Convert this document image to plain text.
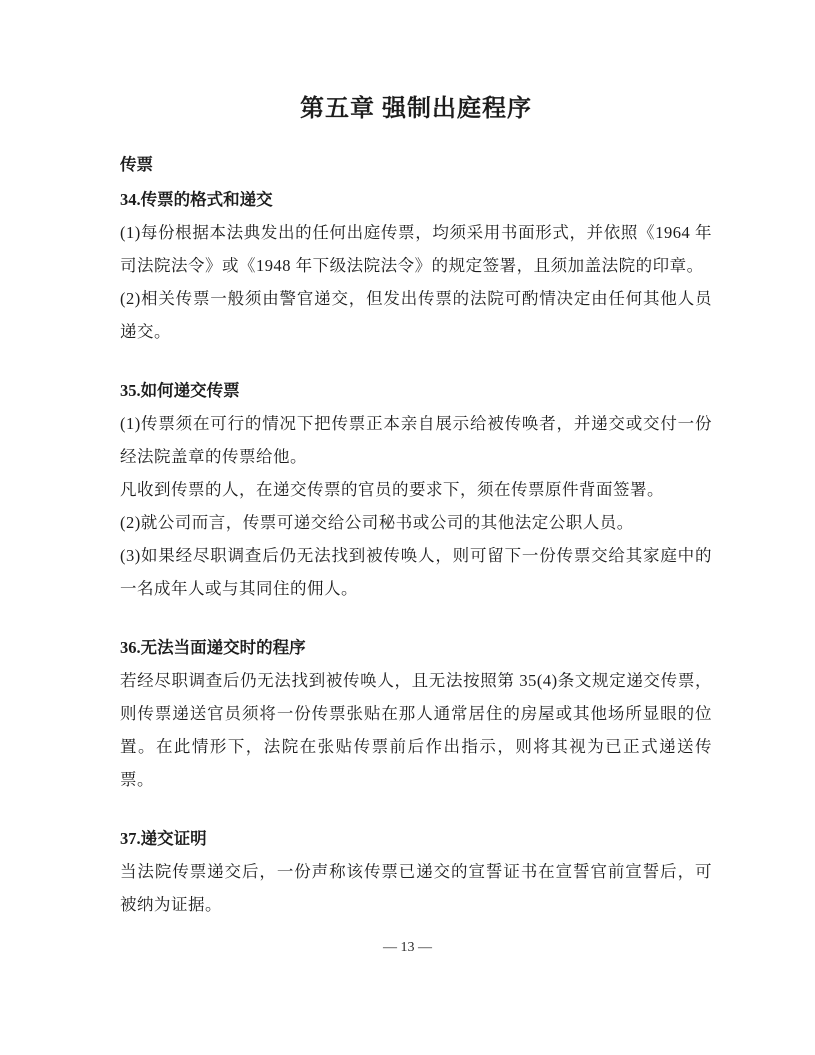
第五章 强制出庭程序
传票
34.传票的格式和递交
(1)每份根据本法典发出的任何出庭传票，均须采用书面形式，并依照《1964 年司法院法令》或《1948 年下级法院法令》的规定签署，且须加盖法院的印章。
(2)相关传票一般须由警官递交，但发出传票的法院可酌情决定由任何其他人员递交。
35.如何递交传票
(1)传票须在可行的情况下把传票正本亲自展示给被传唤者，并递交或交付一份经法院盖章的传票给他。
凡收到传票的人，在递交传票的官员的要求下，须在传票原件背面签署。
(2)就公司而言，传票可递交给公司秘书或公司的其他法定公职人员。
(3)如果经尽职调查后仍无法找到被传唤人，则可留下一份传票交给其家庭中的一名成年人或与其同住的佣人。
36.无法当面递交时的程序
若经尽职调查后仍无法找到被传唤人，且无法按照第 35(4)条文规定递交传票，则传票递送官员须将一份传票张贴在那人通常居住的房屋或其他场所显眼的位置。在此情形下，法院在张贴传票前后作出指示，则将其视为已正式递送传票。
37.递交证明
当法院传票递交后，一份声称该传票已递交的宣誓证书在宣誓官前宣誓后，可被纳为证据。
— 13 —
